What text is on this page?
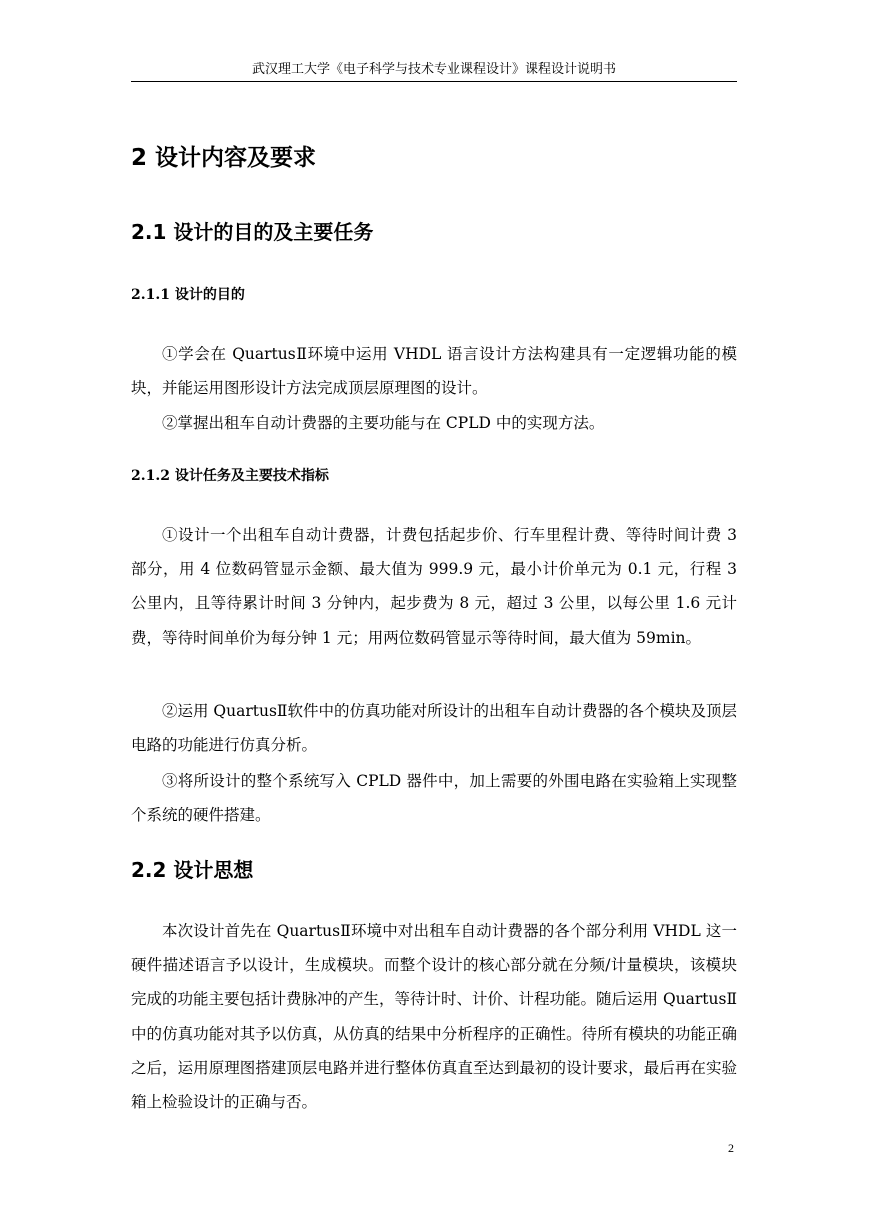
武汉理工大学《电子科学与技术专业课程设计》课程设计说明书
2 设计内容及要求
2.1 设计的目的及主要任务
2.1.1 设计的目的

①学会在 QuartusⅡ环境中运用 VHDL 语言设计方法构建具有一定逻辑功能的模块，并能运用图形设计方法完成顶层原理图的设计。

②掌握出租车自动计费器的主要功能与在 CPLD 中的实现方法。

2.1.2 设计任务及主要技术指标

①设计一个出租车自动计费器，计费包括起步价、行车里程计费、等待时间计费 3 部分，用 4 位数码管显示金额、最大值为 999.9 元，最小计价单元为 0.1 元，行程 3 公里内，且等待累计时间 3 分钟内，起步费为 8 元，超过 3 公里，以每公里 1.6 元计费，等待时间单价为每分钟 1 元；用两位数码管显示等待时间，最大值为 59min。

②运用 QuartusⅡ软件中的仿真功能对所设计的出租车自动计费器的各个模块及顶层电路的功能进行仿真分析。

③将所设计的整个系统写入 CPLD 器件中，加上需要的外围电路在实验箱上实现整个系统的硬件搭建。

2.2 设计思想

本次设计首先在 QuartusⅡ环境中对出租车自动计费器的各个部分利用 VHDL 这一硬件描述语言予以设计，生成模块。而整个设计的核心部分就在分频/计量模块，该模块完成的功能主要包括计费脉冲的产生，等待计时、计价、计程功能。随后运用 QuartusⅡ中的仿真功能对其予以仿真，从仿真的结果中分析程序的正确性。待所有模块的功能正确之后，运用原理图搭建顶层电路并进行整体仿真直至达到最初的设计要求，最后再在实验箱上检验设计的正确与否。

2
